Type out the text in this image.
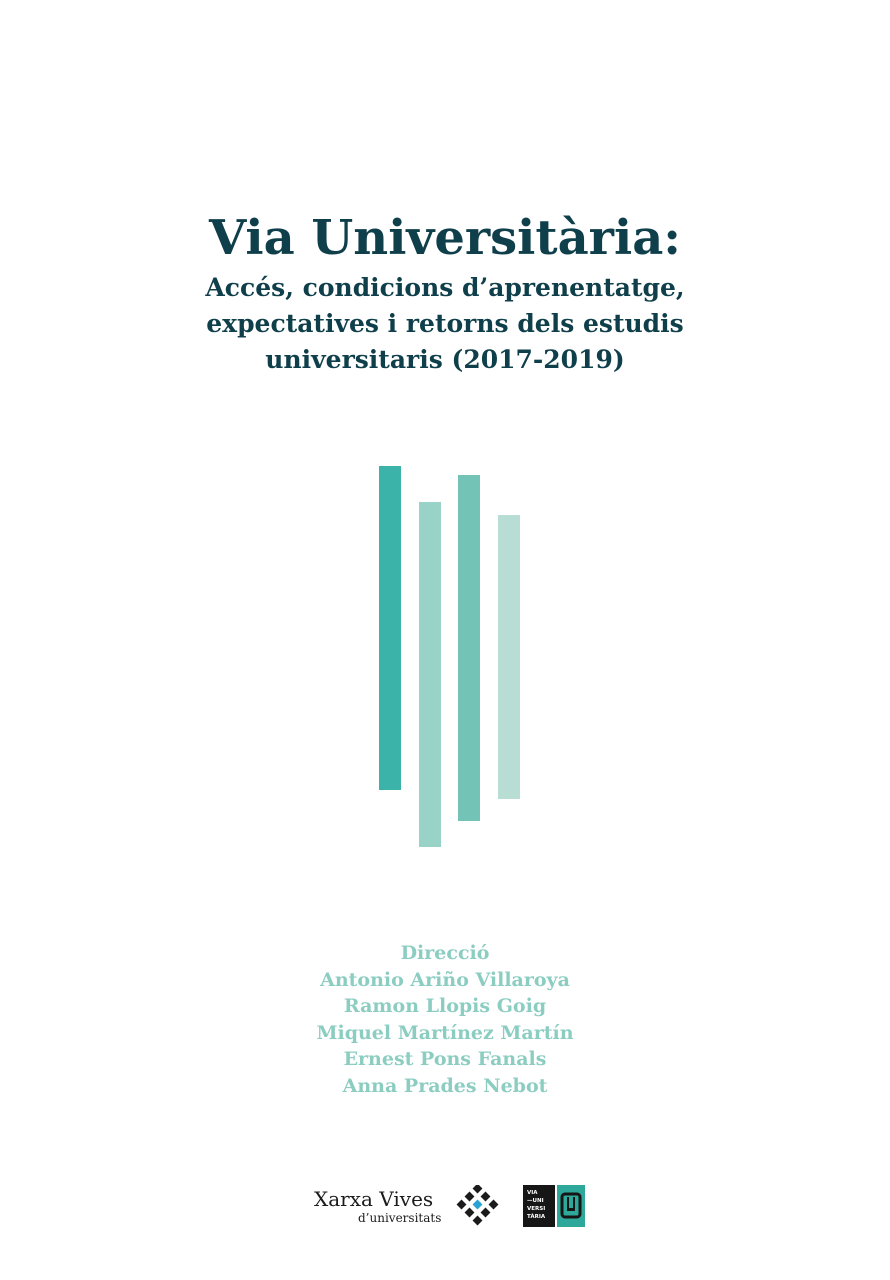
Via Universitària:

Accés, condicions d’aprenentatge,

expectatives i retorns dels estudis

universitaris (2017-2019)

Direcció
Antonio Ariño Villaroya
Ramon Llopis Goig
Miquel Martínez Martín
Ernest Pons Fanals
Anna Prades Nebot
Xarxa Vives
d’universitats
VIA
—UNI
VERSI
TÀRIA
